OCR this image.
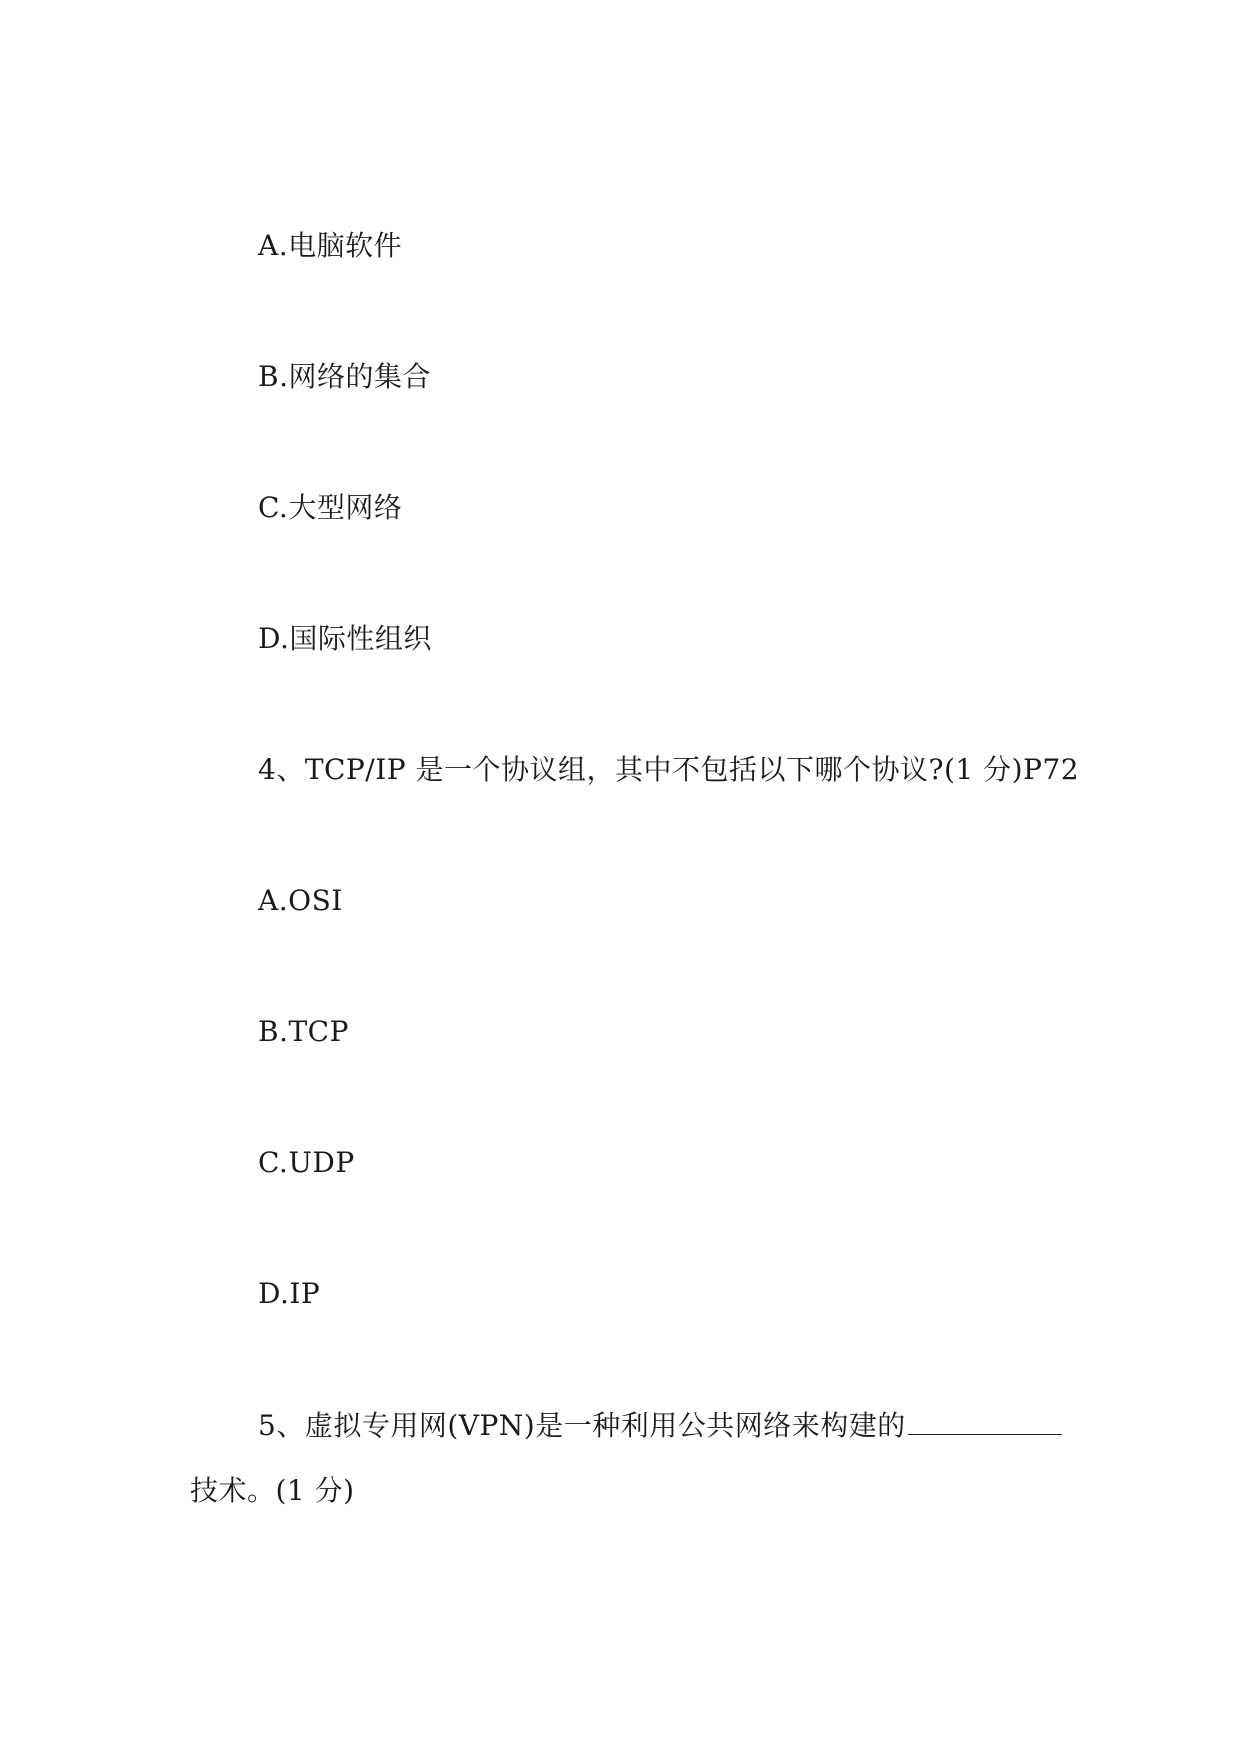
A.电脑软件
B.网络的集合
C.大型网络
D.国际性组织
4、TCP/IP 是一个协议组，其中不包括以下哪个协议?(1 分)P72
A.OSI
B.TCP
C.UDP
D.IP
5、虚拟专用网(VPN)是一种利用公共网络来构建的
技术。(1 分)
